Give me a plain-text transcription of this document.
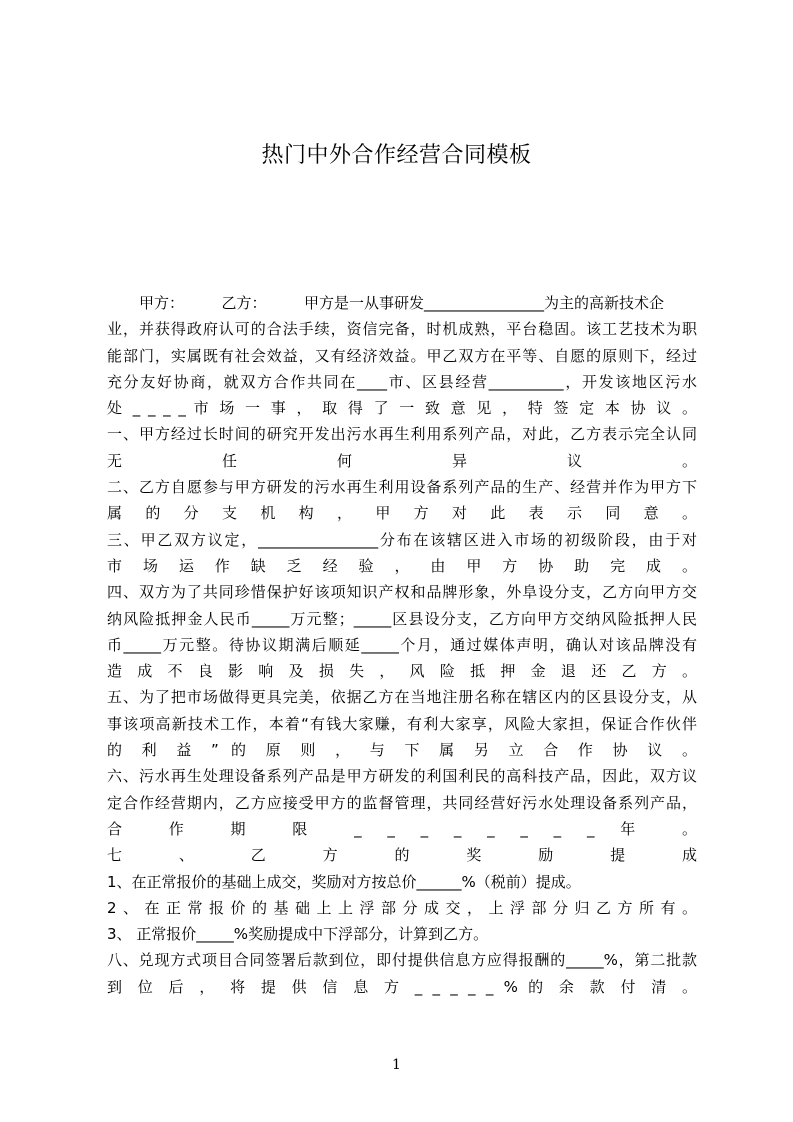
热门中外合作经营合同模板
甲方：　　　乙方：　　　甲方是一从事研发________________为主的高新技术企
业，并获得政府认可的合法手续，资信完备，时机成熟，平台稳固。该工艺技术为职
能部门，实属既有社会效益，又有经济效益。甲乙双方在平等、自愿的原则下，经过
充分友好协商，就双方合作共同在____市、区县经营__________，开发该地区污水
处 _ _ _ _ 市 场 一 事 ， 取 得 了 一 致 意 见 ， 特 签 定 本 协 议 。
一、甲方经过长时间的研究开发出污水再生利用系列产品，对此，乙方表示完全认同
无 任 何 异 议 。
二、乙方自愿参与甲方研发的污水再生利用设备系列产品的生产、经营并作为甲方下
属 的 分 支 机 构 ， 甲 方 对 此 表 示 同 意 。
三、甲乙双方议定，________________分布在该辖区进入市场的初级阶段，由于对
市 场 运 作 缺 乏 经 验 ， 由 甲 方 协 助 完 成 。
四、双方为了共同珍惜保护好该项知识产权和品牌形象，外阜设分支，乙方向甲方交
纳风险抵押金人民币_____万元整；_____区县设分支，乙方向甲方交纳风险抵押人民
币_____万元整。待协议期满后顺延_____个月，通过媒体声明，确认对该品牌没有
造 成 不 良 影 响 及 损 失 ， 风 险 抵 押 金 退 还 乙 方 。
五、为了把市场做得更具完美，依据乙方在当地注册名称在辖区内的区县设分支，从
事该项高新技术工作，本着“有钱大家赚，有利大家享，风险大家担，保证合作伙伴
的 利 益 ” 的 原 则 ， 与 下 属 另 立 合 作 协 议 。
六、污水再生处理设备系列产品是甲方研发的利国利民的高科技产品，因此，双方议
定合作经营期内，乙方应接受甲方的监督管理，共同经营好污水处理设备系列产品，
合 作 期 限 _ _ _ _ _ _ _ _ 年 。
七 、 乙 方 的 奖 励 提 成
1、在正常报价的基础上成交，奖励对方按总价______%（税前）提成。
2、在正常报价的基础上上浮部分成交，上浮部分归乙方所有。
3、 正常报价_____%奖励提成中下浮部分，计算到乙方。
八、兑现方式项目合同签署后款到位，即付提供信息方应得报酬的_____%，第二批款
到 位 后 ， 将 提 供 信 息 方 _ _ _ _ _ % 的 余 款 付 清 。
1
